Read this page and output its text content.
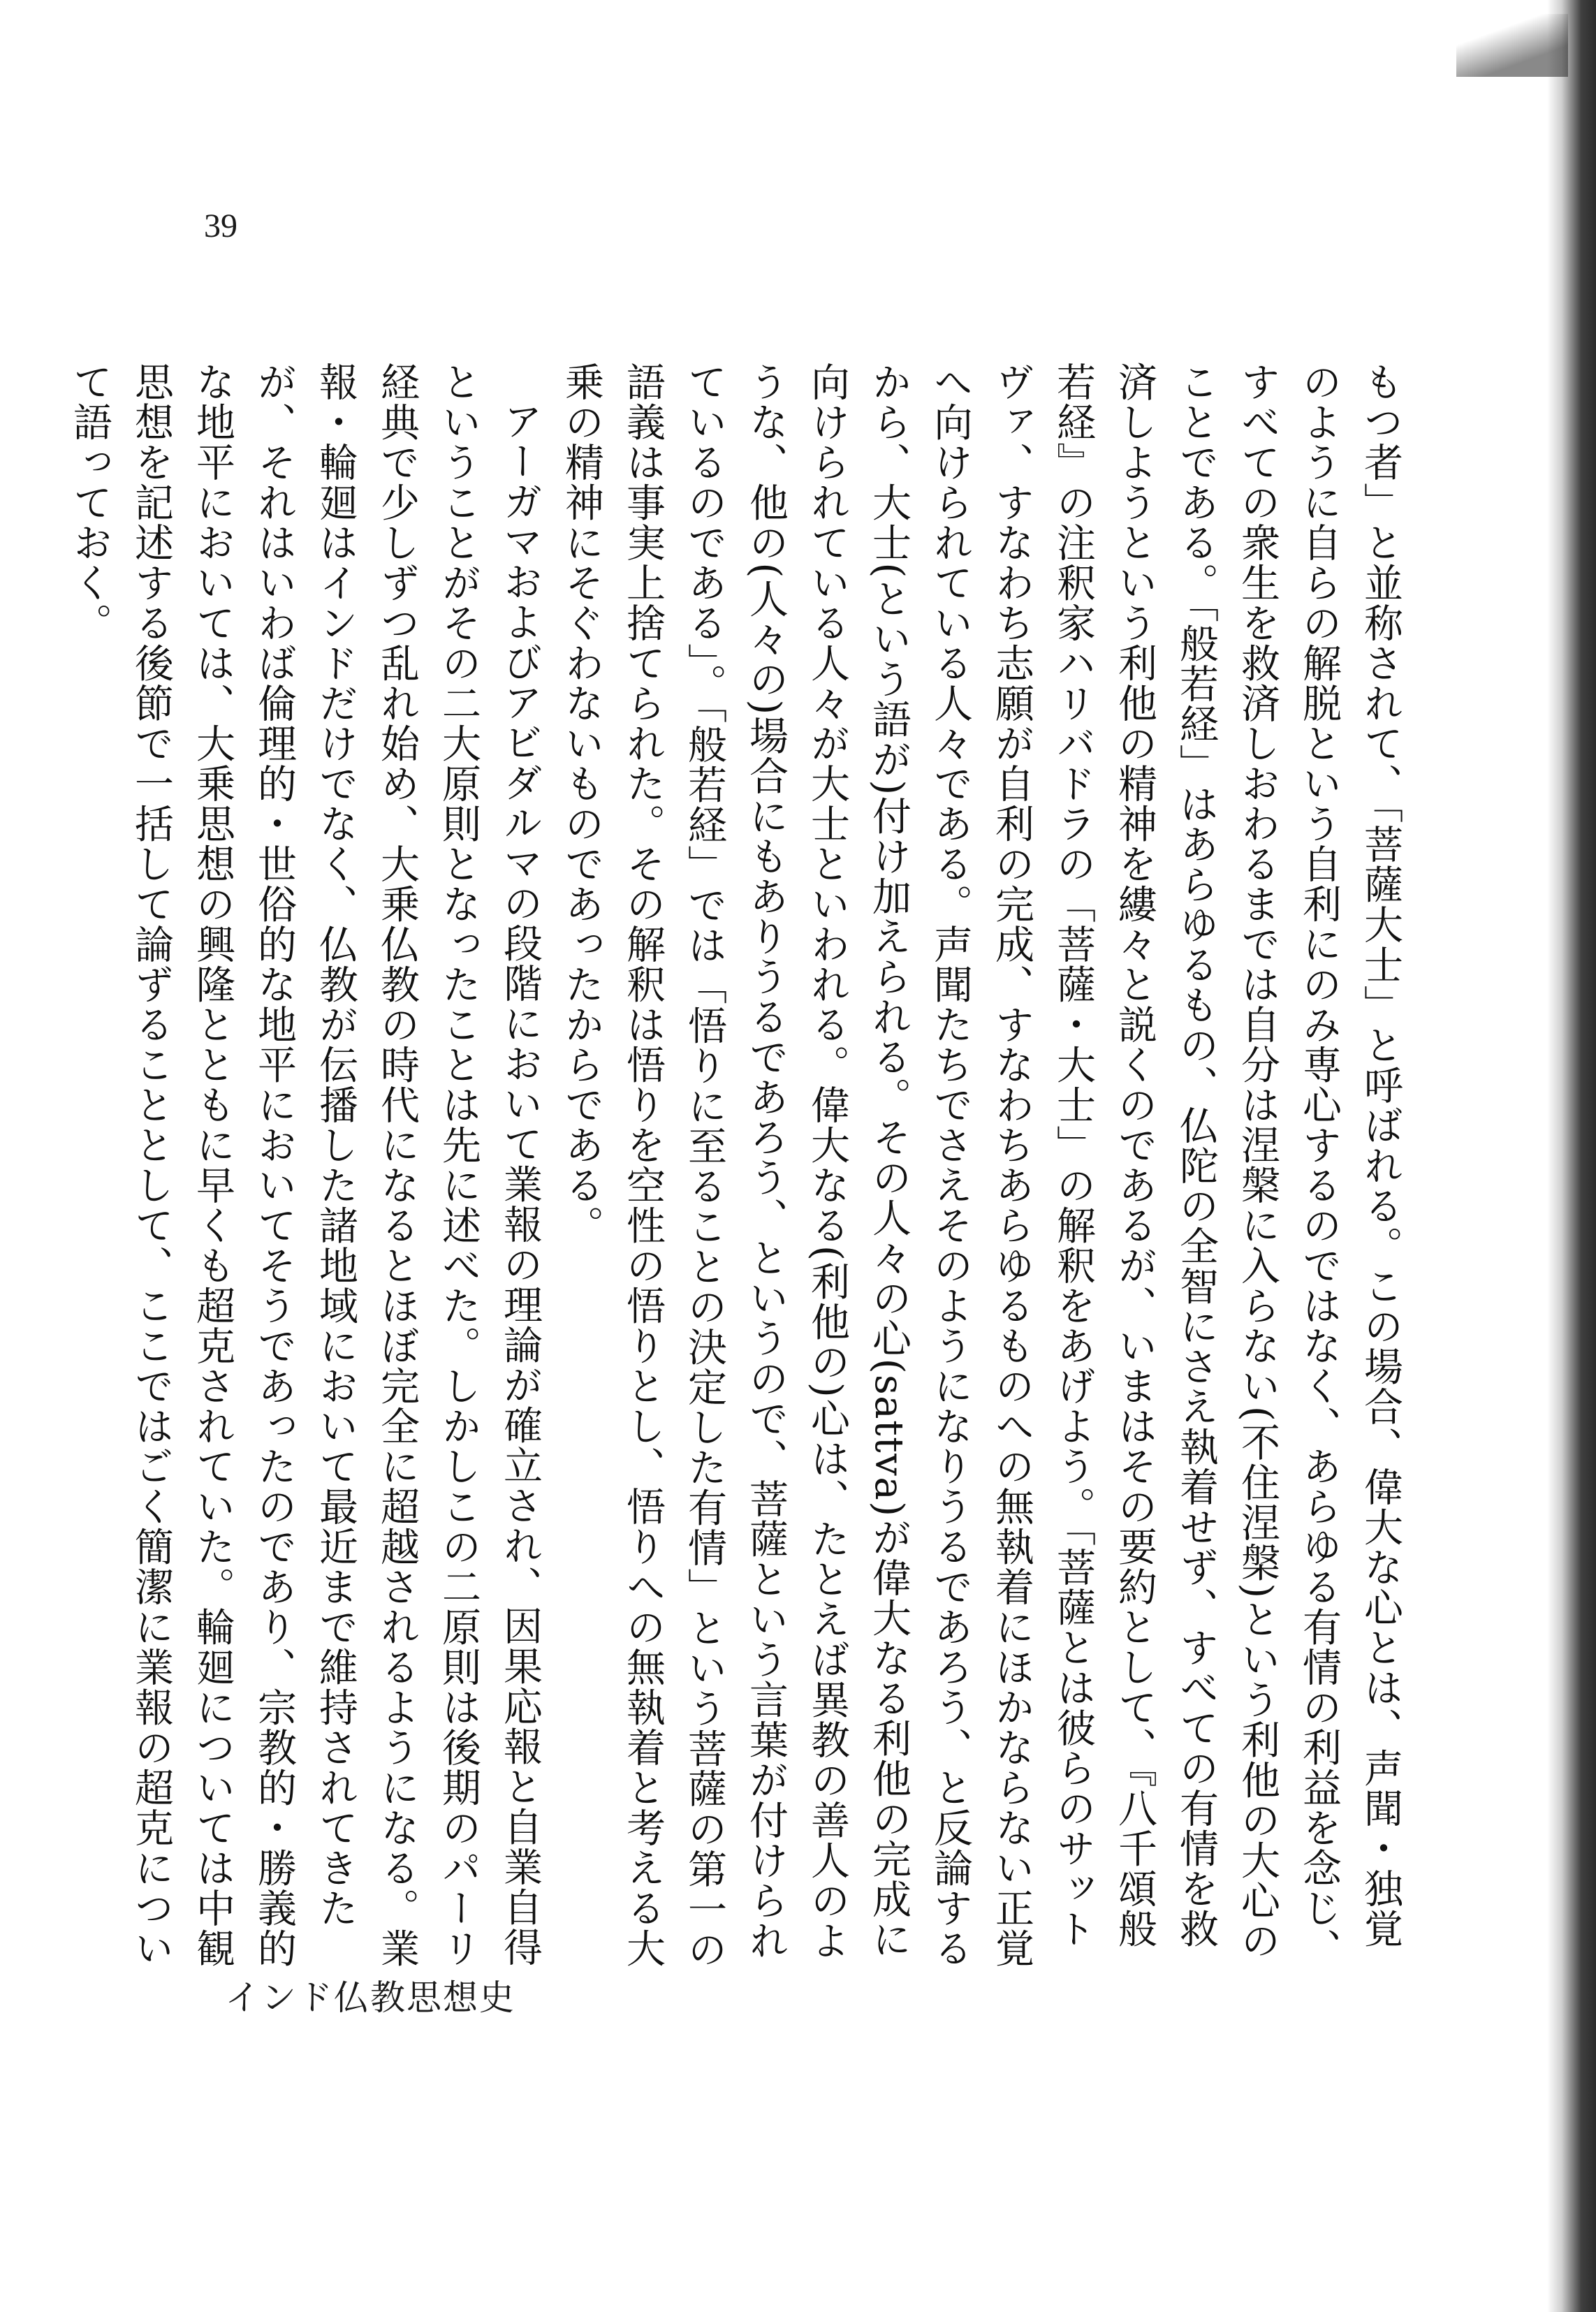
39

もつ者」と並称されて、「菩薩大士」と呼ばれる。この場合、偉大な心とは、声聞・独覚のように自らの解脱という自利にのみ専心するのではなく、あらゆる有情の利益を念じ、すべての衆生を救済しおわるまでは自分は涅槃に入らない(不住涅槃)という利他の大心のことである。「般若経」はあらゆるもの、仏陀の全智にさえ執着せず、すべての有情を救済しようという利他の精神を縷々と説くのであるが、いまはその要約として、『八千頌般若経』の注釈家ハリバドラの「菩薩・大士」の解釈をあげよう。「菩薩とは彼らのサットヴァ、すなわち志願が自利の完成、すなわちあらゆるものへの無執着にほかならない正覚へ向けられている人々である。声聞たちでさえそのようになりうるであろう、と反論するから、大士(という語が)付け加えられる。その人々の心(sattva)が偉大なる利他の完成に向けられている人々が大士といわれる。偉大なる(利他の)心は、たとえば異教の善人のような、他の(人々の)場合にもありうるであろう、というので、菩薩という言葉が付けられているのである」。「般若経」では「悟りに至ることの決定した有情」という菩薩の第一の語義は事実上捨てられた。その解釈は悟りを空性の悟りとし、悟りへの無執着と考える大乗の精神にそぐわないものであったからである。

アーガマおよびアビダルマの段階において業報の理論が確立され、因果応報と自業自得ということがその二大原則となったことは先に述べた。しかしこの二原則は後期のパーリ経典で少しずつ乱れ始め、大乗仏教の時代になるとほぼ完全に超越されるようになる。業報・輪廻はインドだけでなく、仏教が伝播した諸地域において最近まで維持されてきたが、それはいわば倫理的・世俗的な地平においてそうであったのであり、宗教的・勝義的な地平においては、大乗思想の興隆とともに早くも超克されていた。輪廻については中観思想を記述する後節で一括して論ずることとして、ここではごく簡潔に業報の超克について語っておく。

インド仏教思想史
